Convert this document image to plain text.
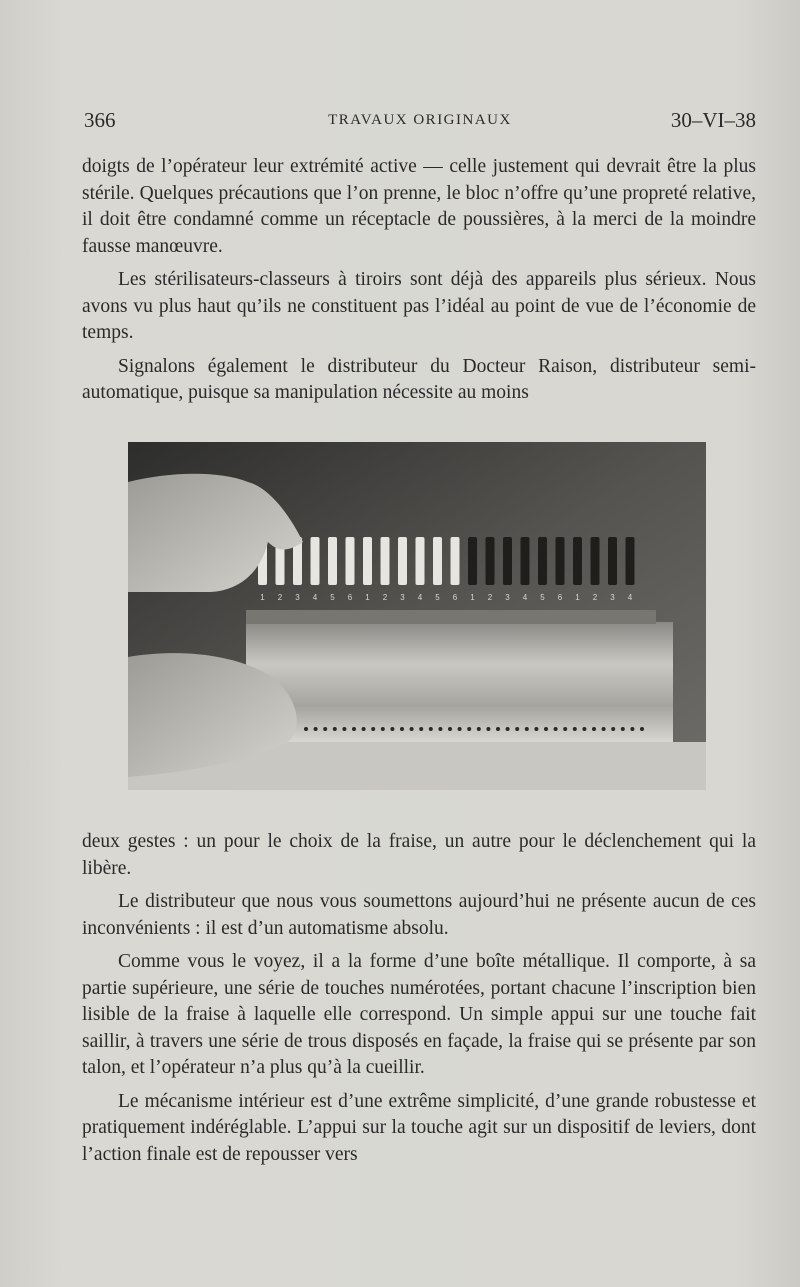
366	TRAVAUX ORIGINAUX	30–VI–38

doigts de l’opérateur leur extrémité active — celle justement qui devrait être la plus stérile. Quelques précautions que l’on prenne, le bloc n’offre qu’une propreté relative, il doit être condamné comme un réceptacle de poussières, à la merci de la moindre fausse manœuvre.

Les stérilisateurs-classeurs à tiroirs sont déjà des appareils plus sérieux. Nous avons vu plus haut qu’ils ne constituent pas l’idéal au point de vue de l’économie de temps.

Signalons également le distributeur du Docteur Raison, distributeur semi-automatique, puisque sa manipulation nécessite au moins

1 2 3 4 5 6 1 2 3 4 5 6 1 2 3 4 5 6 1 2 3 4

deux gestes : un pour le choix de la fraise, un autre pour le déclenchement qui la libère.

Le distributeur que nous vous soumettons aujourd’hui ne présente aucun de ces inconvénients : il est d’un automatisme absolu.

Comme vous le voyez, il a la forme d’une boîte métallique. Il comporte, à sa partie supérieure, une série de touches numérotées, portant chacune l’inscription bien lisible de la fraise à laquelle elle correspond. Un simple appui sur une touche fait saillir, à travers une série de trous disposés en façade, la fraise qui se présente par son talon, et l’opérateur n’a plus qu’à la cueillir.

Le mécanisme intérieur est d’une extrême simplicité, d’une grande robustesse et pratiquement indéréglable. L’appui sur la touche agit sur un dispositif de leviers, dont l’action finale est de repousser vers
